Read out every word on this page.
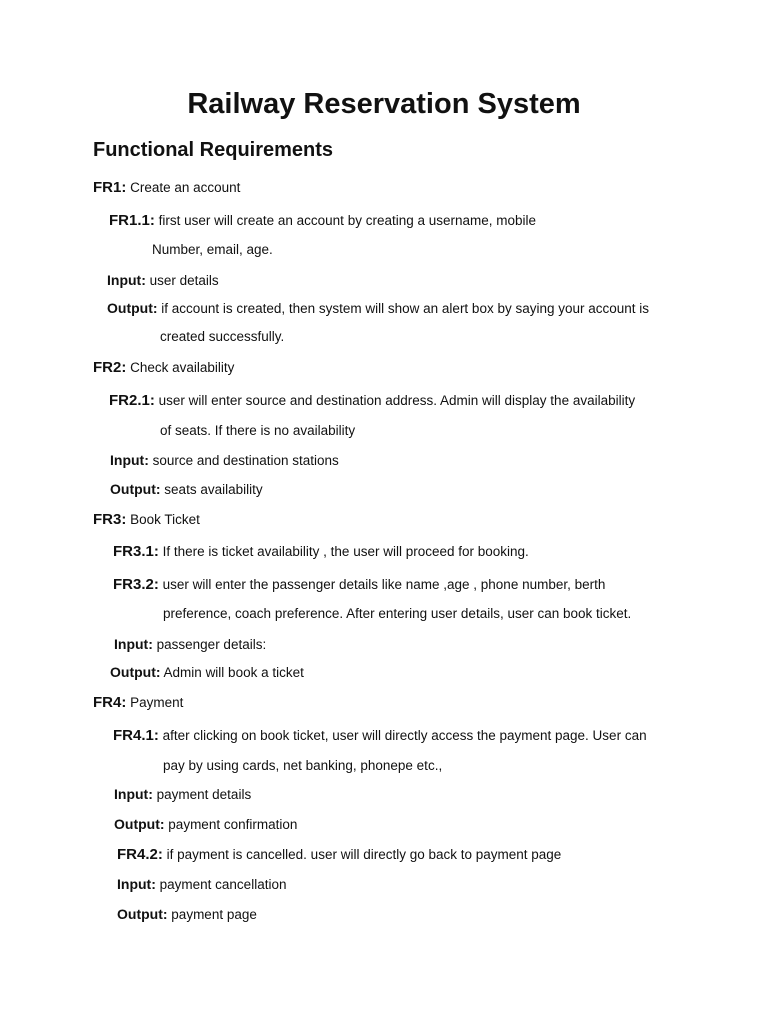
Railway Reservation System
Functional Requirements
FR1: Create an account
FR1.1: first user will create an account by creating a username, mobile
Number, email, age.
Input: user details
Output: if account is created, then system will show an alert box by saying your account is
created successfully.
FR2: Check availability
FR2.1: user will enter source and destination address. Admin will display the availability
of seats. If there is no availability
Input: source and destination stations
Output: seats availability
FR3: Book Ticket
FR3.1: If there is ticket availability , the user will proceed for booking.
FR3.2: user will enter the passenger details like name ,age , phone number, berth
preference, coach preference. After entering user details, user can book ticket.
Input: passenger details:
Output: Admin will book a ticket
FR4: Payment
FR4.1: after clicking on book ticket, user will directly access the payment page. User can
pay by using cards, net banking, phonepe etc.,
Input: payment details
Output: payment confirmation
FR4.2: if payment is cancelled. user will directly go back to payment page
Input: payment cancellation
Output: payment page
